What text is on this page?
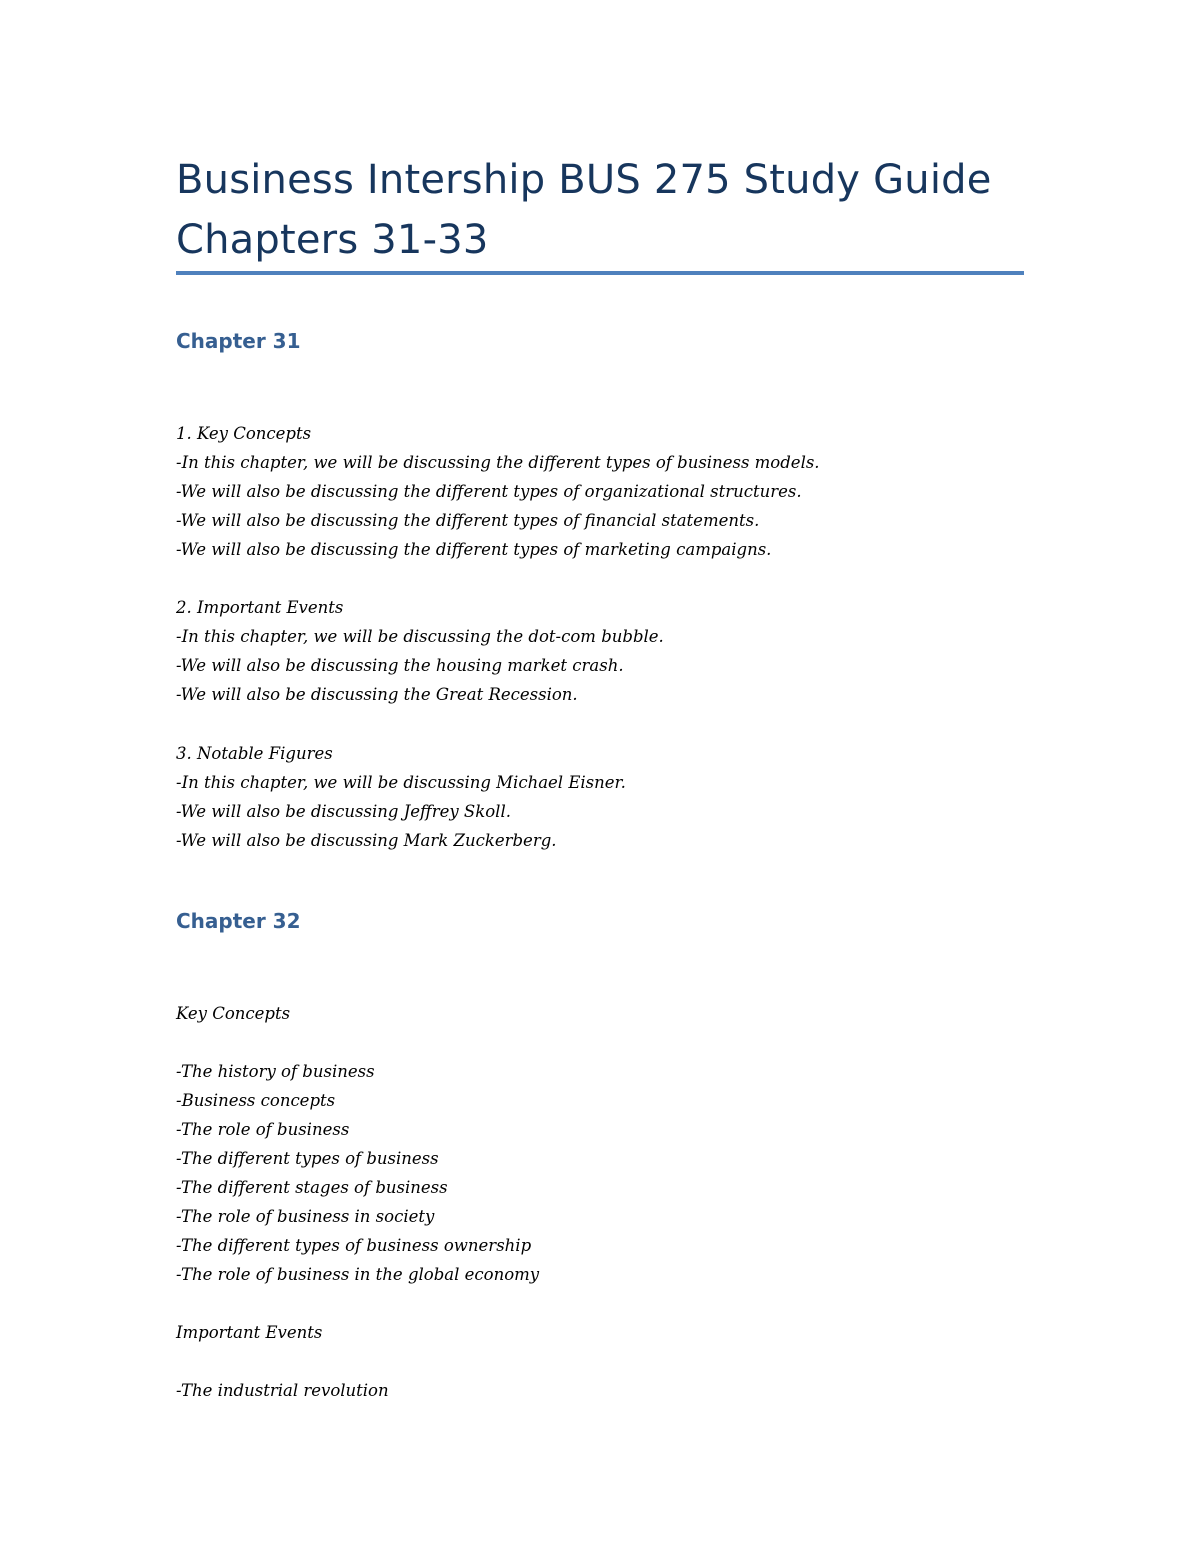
Business Intership BUS 275 Study Guide
Chapters 31-33
Chapter 31
1. Key Concepts
-In this chapter, we will be discussing the different types of business models.
-We will also be discussing the different types of organizational structures.
-We will also be discussing the different types of financial statements.
-We will also be discussing the different types of marketing campaigns.
2. Important Events
-In this chapter, we will be discussing the dot-com bubble.
-We will also be discussing the housing market crash.
-We will also be discussing the Great Recession.
3. Notable Figures
-In this chapter, we will be discussing Michael Eisner.
-We will also be discussing Jeffrey Skoll.
-We will also be discussing Mark Zuckerberg.
Chapter 32
Key Concepts
-The history of business
-Business concepts
-The role of business
-The different types of business
-The different stages of business
-The role of business in society
-The different types of business ownership
-The role of business in the global economy
Important Events
-The industrial revolution
